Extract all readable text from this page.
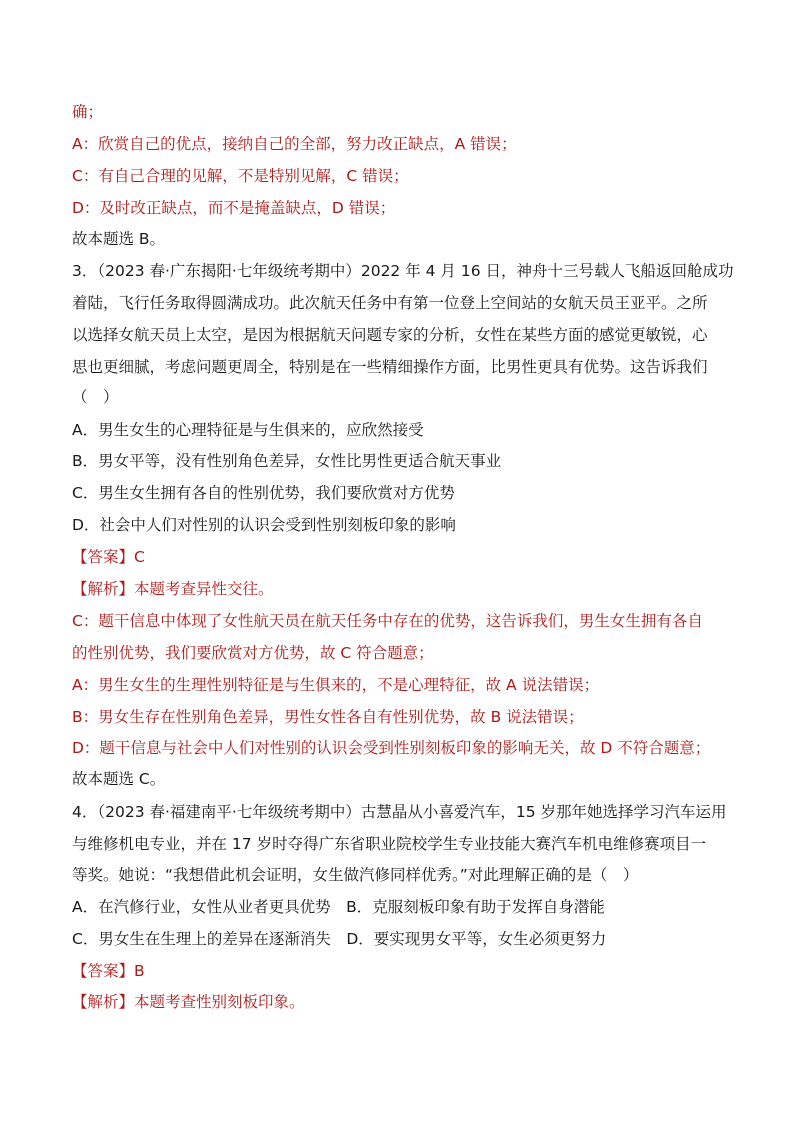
确；
A：欣赏自己的优点，接纳自己的全部，努力改正缺点，A 错误；
C：有自己合理的见解，不是特别见解，C 错误；
D：及时改正缺点，而不是掩盖缺点，D 错误；
故本题选 B。
3．（2023 春·广东揭阳·七年级统考期中）2022 年 4 月 16 日，神舟十三号载人飞船返回舱成功
着陆，飞行任务取得圆满成功。此次航天任务中有第一位登上空间站的女航天员王亚平。之所
以选择女航天员上太空，是因为根据航天问题专家的分析，女性在某些方面的感觉更敏锐，心
思也更细腻，考虑问题更周全，特别是在一些精细操作方面，比男性更具有优势。这告诉我们
（　）
A．男生女生的心理特征是与生俱来的，应欣然接受
B．男女平等，没有性别角色差异，女性比男性更适合航天事业
C．男生女生拥有各自的性别优势，我们要欣赏对方优势
D．社会中人们对性别的认识会受到性别刻板印象的影响
【答案】C
【解析】本题考查异性交往。
C：题干信息中体现了女性航天员在航天任务中存在的优势，这告诉我们，男生女生拥有各自
的性别优势，我们要欣赏对方优势，故 C 符合题意；
A：男生女生的生理性别特征是与生俱来的，不是心理特征，故 A 说法错误；
B：男女生存在性别角色差异，男性女性各自有性别优势，故 B 说法错误；
D：题干信息与社会中人们对性别的认识会受到性别刻板印象的影响无关，故 D 不符合题意；
故本题选 C。
4．（2023 春·福建南平·七年级统考期中）古慧晶从小喜爱汽车，15 岁那年她选择学习汽车运用
与维修机电专业，并在 17 岁时夺得广东省职业院校学生专业技能大赛汽车机电维修赛项目一
等奖。她说：“我想借此机会证明，女生做汽修同样优秀。”对此理解正确的是（　）
A．在汽修行业，女性从业者更具优势　B．克服刻板印象有助于发挥自身潜能
C．男女生在生理上的差异在逐渐消失　D．要实现男女平等，女生必须更努力
【答案】B
【解析】本题考查性别刻板印象。
